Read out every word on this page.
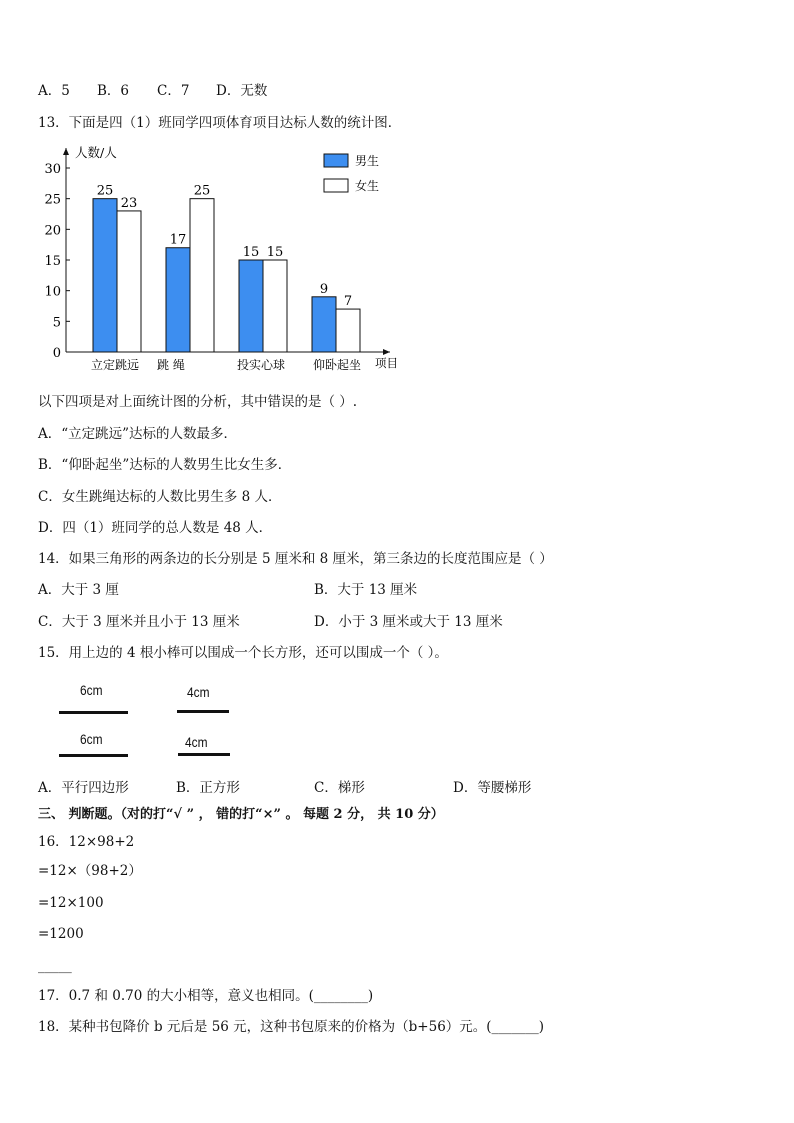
A．5 B．6 C．7 D．无数
13．下面是四（1）班同学四项体育项目达标人数的统计图．
0
5
10
15
20
25
30
人数/人
项目
25
23
立定跳远
17
25
跳 绳
15 15
投实心球
9
7
仰卧起坐
男生
女生
以下四项是对上面统计图的分析，其中错误的是（ ）.
A．“立定跳远”达标的人数最多．
B．“仰卧起坐”达标的人数男生比女生多．
C．女生跳绳达标的人数比男生多 8 人．
D．四（1）班同学的总人数是 48 人．
14．如果三角形的两条边的长分别是 5 厘米和 8 厘米，第三条边的长度范围应是（ ）
A．大于 3 厘	B．大于 13 厘米
C．大于 3 厘米并且小于 13 厘米	D．小于 3 厘米或大于 13 厘米
15．用上边的 4 根小棒可以围成一个长方形，还可以围成一个（ ）。
6cm	4cm
6cm	4cm
A．平行四边形	B．正方形	C．梯形	D．等腰梯形
三、 判断题。（对的打“√ ” ， 错的打“×” 。 每题 2 分， 共 10 分）
16．12×98+2
=12×（98+2）
=12×100
=1200
_____
17．0.7 和 0.70 的大小相等，意义也相同。(________)
18．某种书包降价 b 元后是 56 元，这种书包原来的价格为（b+56）元。(_______)
